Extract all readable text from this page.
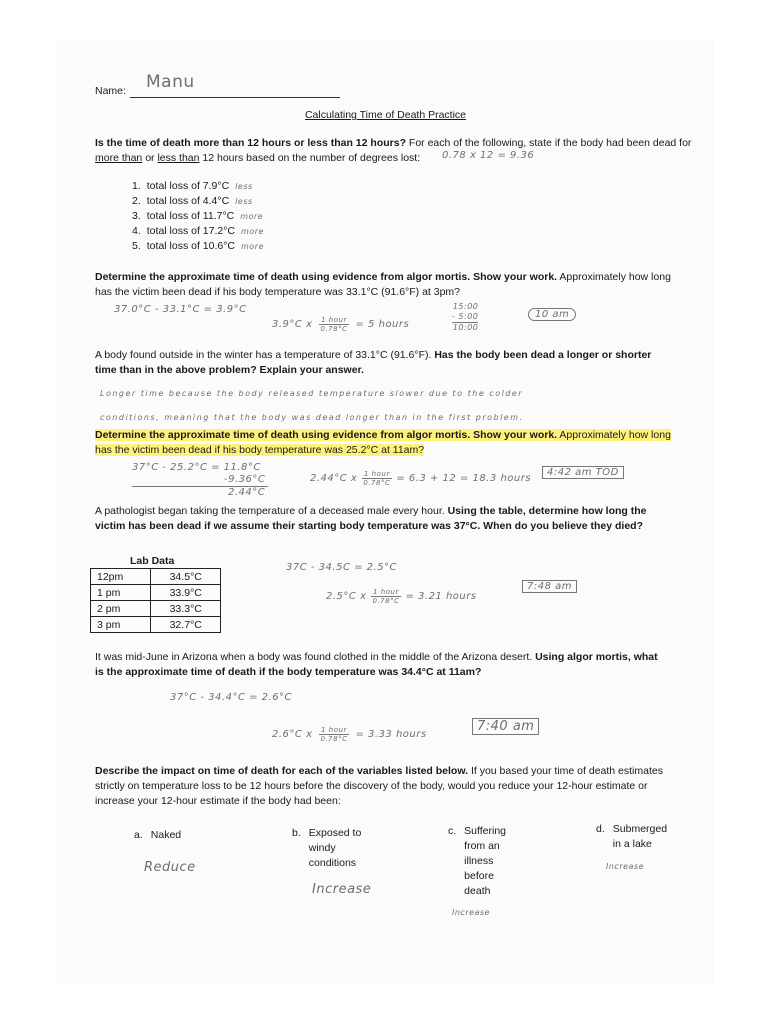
Name: Manu
Calculating Time of Death Practice
Is the time of death more than 12 hours or less than 12 hours? For each of the following, state if the body had been dead for
more than or less than 12 hours based on the number of degrees lost:	0.78 x 12 = 9.36
1. total loss of 7.9°C less
2. total loss of 4.4°C less
3. total loss of 11.7°C more
4. total loss of 17.2°C more
5. total loss of 10.6°C more
Determine the approximate time of death using evidence from algor mortis. Show your work. Approximately how long
has the victim been dead if his body temperature was 33.1°C (91.6°F) at 3pm?
37.0°C - 33.1°C = 3.9°C
3.9°C x $\frac{\text{1 hour}}{0.78^\circ C} = 5$ hours
15:00
- 5:00
10:00
10 am
A body found outside in the winter has a temperature of 33.1°C (91.6°F). Has the body been dead a longer or shorter
time than in the above problem? Explain your answer.
Longer time because the body released temperature slower due to the colder
conditions, meaning that the body was dead longer than in the first problem.
Determine the approximate time of death using evidence from algor mortis. Show your work. Approximately how long
has the victim been dead if his body temperature was 25.2°C at 11am?
37°C - 25.2°C = 11.8°C
-9.36°C
2.44°C
2.44°C x $\frac{\text{1 hour}}{0.78^\circ C} = 6.3 + 12 = 18.3$ hours
4:42 am TOD
A pathologist began taking the temperature of a deceased male every hour. Using the table, determine how long the
victim has been dead if we assume their starting body temperature was 37°C. When do you believe they died?
Lab Data
12pm	34.5°C
1 pm	33.9°C
2 pm	33.3°C
3 pm	32.7°C
37C - 34.5C = 2.5°C
2.5°C x $\frac{\text{1 hour}}{0.78^\circ C} = 3.21$ hours
7:48 am
It was mid-June in Arizona when a body was found clothed in the middle of the Arizona desert. Using algor mortis, what
is the approximate time of death if the body temperature was 34.4°C at 11am?
37°C - 34.4°C = 2.6°C
2.6°C x $\frac{\text{1 hour}}{0.78^\circ C} = 3.33$ hours
7:40 am
Describe the impact on time of death for each of the variables listed below. If you based your time of death estimates
strictly on temperature loss to be 12 hours before the discovery of the body, would you reduce your 12-hour estimate or
increase your 12-hour estimate if the body had been:
a. Naked
Reduce
b. Exposed to
windy
conditions
Increase
c. Suffering
from an
illness
before
death
Increase
d. Submerged
in a lake
Increase
